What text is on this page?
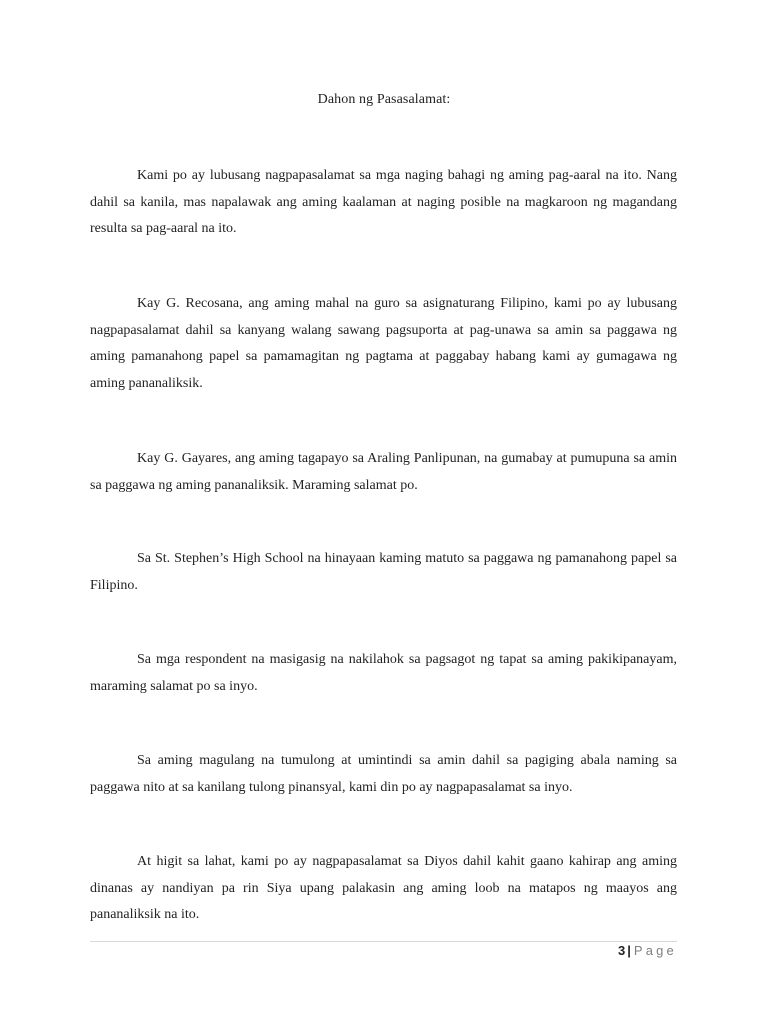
Dahon ng Pasasalamat:

Kami po ay lubusang nagpapasalamat sa mga naging bahagi ng aming pag-aaral na ito. Nang dahil sa kanila, mas napalawak ang aming kaalaman at naging posible na magkaroon ng magandang resulta sa pag-aaral na ito.

Kay G. Recosana, ang aming mahal na guro sa asignaturang Filipino, kami po ay lubusang nagpapasalamat dahil sa kanyang walang sawang pagsuporta at pag-unawa sa amin sa paggawa ng aming pamanahong papel sa pamamagitan ng pagtama at paggabay habang kami ay gumagawa ng aming pananaliksik.

Kay G. Gayares, ang aming tagapayo sa Araling Panlipunan, na gumabay at pumupuna sa amin sa paggawa ng aming pananaliksik. Maraming salamat po.

Sa St. Stephen’s High School na hinayaan kaming matuto sa paggawa ng pamanahong papel sa Filipino.

Sa mga respondent na masigasig na nakilahok sa pagsagot ng tapat sa aming pakikipanayam, maraming salamat po sa inyo.

Sa aming magulang na tumulong at umintindi sa amin dahil sa pagiging abala naming sa paggawa nito at sa kanilang tulong pinansyal, kami din po ay nagpapasalamat sa inyo.

At higit sa lahat, kami po ay nagpapasalamat sa Diyos dahil kahit gaano kahirap ang aming dinanas ay nandiyan pa rin Siya upang palakasin ang aming loob na matapos ng maayos ang pananaliksik na ito.

3 | Page
